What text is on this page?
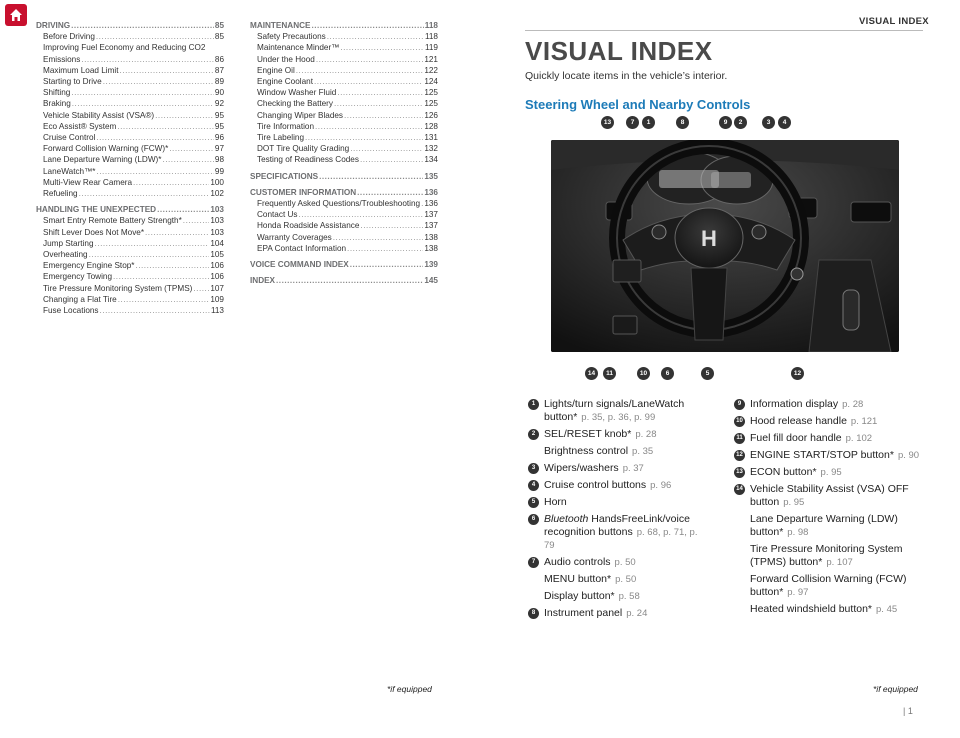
DRIVING .....	85
Before Driving .....	85
Improving Fuel Economy and Reducing CO2
Emissions .....	86
Maximum Load Limit .....	87
Starting to Drive .....	89
Shifting .....	90
Braking .....	92
Vehicle Stability Assist (VSA®) .....	95
Eco Assist® System .....	95
Cruise Control .....	96
Forward Collision Warning (FCW)* .....	97
Lane Departure Warning (LDW)* .....	98
LaneWatch™* .....	99
Multi-View Rear Camera .....	100
Refueling .....	102
HANDLING THE UNEXPECTED .....	103
Smart Entry Remote Battery Strength* .....	103
Shift Lever Does Not Move* .....	103
Jump Starting .....	104
Overheating .....	105
Emergency Engine Stop* .....	106
Emergency Towing .....	106
Tire Pressure Monitoring System (TPMS) ..... 107
Changing a Flat Tire .....	109
Fuse Locations .....	113
MAINTENANCE .....	118
Safety Precautions .....	118
Maintenance Minder™ .....	119
Under the Hood .....	121
Engine Oil .....	122
Engine Coolant .....	124
Window Washer Fluid .....	125
Checking the Battery .....	125
Changing Wiper Blades .....	126
Tire Information .....	128
Tire Labeling .....	131
DOT Tire Quality Grading .....	132
Testing of Readiness Codes .....	134
SPECIFICATIONS .....	135
CUSTOMER INFORMATION .....	136
Frequently Asked Questions/Troubleshooting ..... 136
Contact Us .....	137
Honda Roadside Assistance .....	137
Warranty Coverages .....	138
EPA Contact Information .....	138
VOICE COMMAND INDEX .....	139
INDEX .....	145
*if equipped	*if equipped
VISUAL INDEX
VISUAL INDEX
Quickly locate items in the vehicle’s interior.
Steering Wheel and Nearby Controls
13	7	1	8	9	2	3	4
14	11	10	6	5	12
H
1 Lights/turn signals/LaneWatch button* p. 35, p. 36, p. 99
2 SEL/RESET knob* p. 28
Brightness control p. 35
3 Wipers/washers p. 37
4 Cruise control buttons p. 96
5 Horn
6 Bluetooth HandsFreeLink/voice recognition buttons p. 68, p. 71, p. 79
7 Audio controls p. 50
MENU button* p. 50
Display button* p. 58
8 Instrument panel p. 24
9 Information display p. 28
10 Hood release handle p. 121
11 Fuel fill door handle p. 102
12 ENGINE START/STOP button* p. 90
13 ECON button* p. 95
14 Vehicle Stability Assist (VSA) OFF button p. 95
Lane Departure Warning (LDW) button* p. 98
Tire Pressure Monitoring System (TPMS) button* p. 107
Forward Collision Warning (FCW) button* p. 97
Heated windshield button* p. 45
| 1
